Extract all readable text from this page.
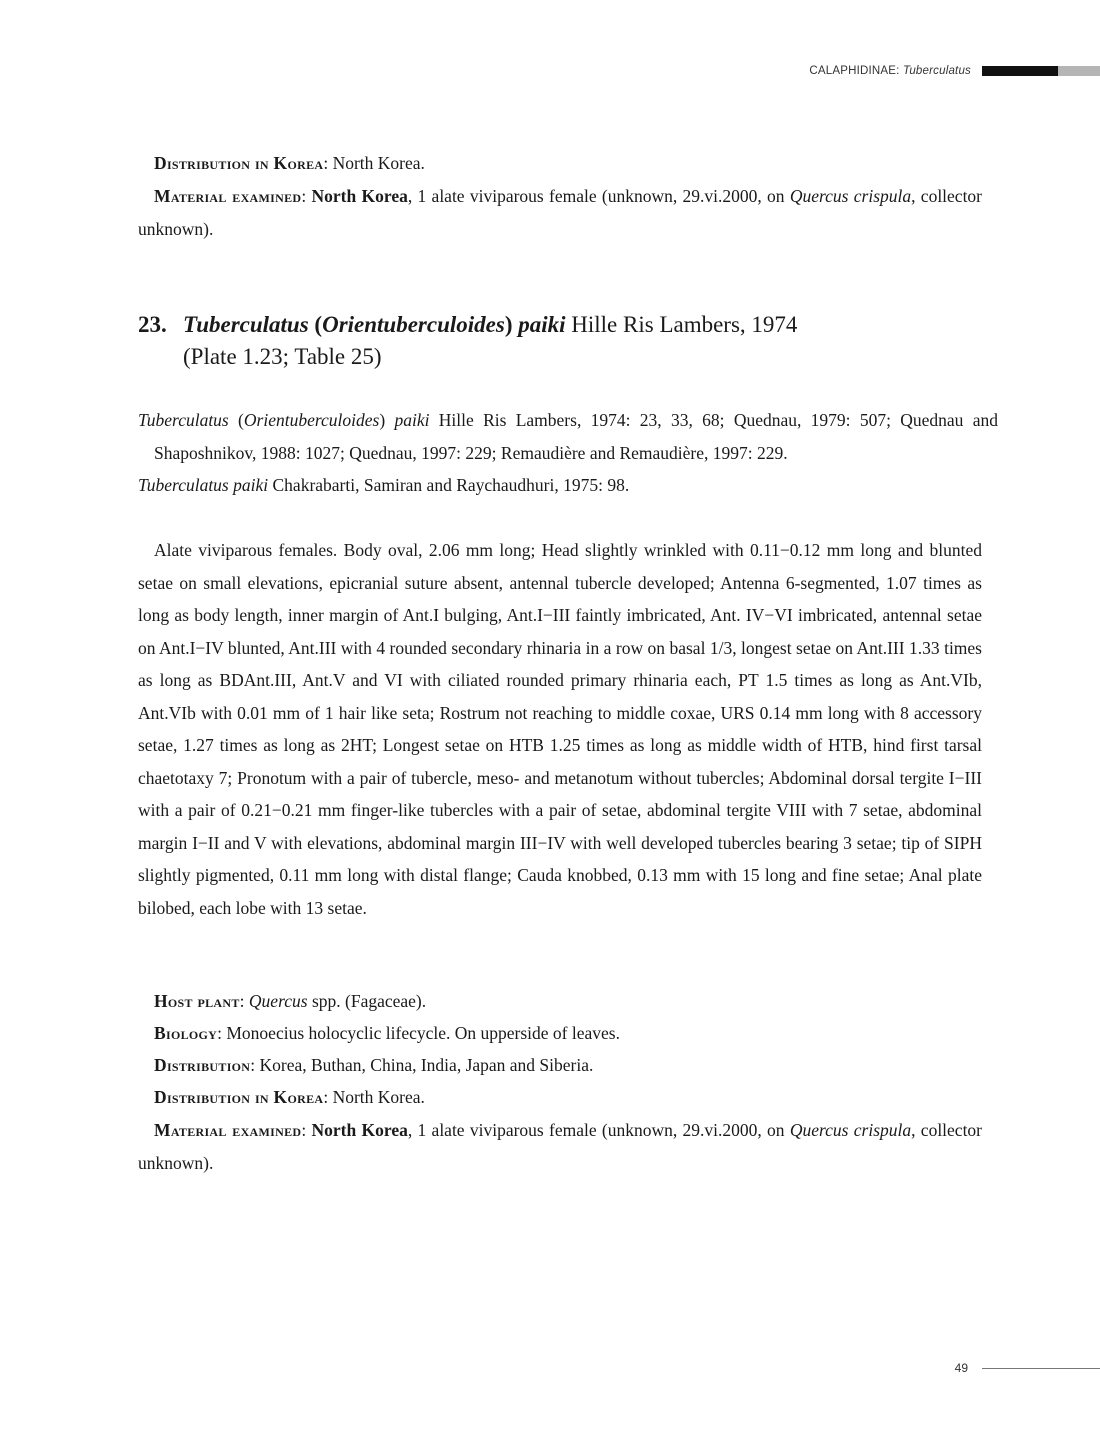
CALAPHIDINAE: Tuberculatus
Distribution in Korea: North Korea.
Material examined: North Korea, 1 alate viviparous female (unknown, 29.vi.2000, on Quercus crispula, collector unknown).
23. Tuberculatus (Orientuberculoides) paiki Hille Ris Lambers, 1974
(Plate 1.23; Table 25)
Tuberculatus (Orientuberculoides) paiki Hille Ris Lambers, 1974: 23, 33, 68; Quednau, 1979: 507; Quednau and Shaposhnikov, 1988: 1027; Quednau, 1997: 229; Remaudière and Remaudière, 1997: 229.
Tuberculatus paiki Chakrabarti, Samiran and Raychaudhuri, 1975: 98.
Alate viviparous females. Body oval, 2.06 mm long; Head slightly wrinkled with 0.11−0.12 mm long and blunted setae on small elevations, epicranial suture absent, antennal tubercle developed; Antenna 6-segmented, 1.07 times as long as body length, inner margin of Ant.I bulging, Ant.I−III faintly imbricated, Ant. IV−VI imbricated, antennal setae on Ant.I−IV blunted, Ant.III with 4 rounded secondary rhinaria in a row on basal 1/3, longest setae on Ant.III 1.33 times as long as BDAnt.III, Ant.V and VI with ciliated rounded primary rhinaria each, PT 1.5 times as long as Ant.VIb, Ant.VIb with 0.01 mm of 1 hair like seta; Rostrum not reaching to middle coxae, URS 0.14 mm long with 8 accessory setae, 1.27 times as long as 2HT; Longest setae on HTB 1.25 times as long as middle width of HTB, hind first tarsal chaetotaxy 7; Pronotum with a pair of tubercle, meso- and metanotum without tubercles; Abdominal dorsal tergite I−III with a pair of 0.21−0.21 mm finger-like tubercles with a pair of setae, abdominal tergite VIII with 7 setae, abdominal margin I−II and V with elevations, abdominal margin III−IV with well developed tubercles bearing 3 setae; tip of SIPH slightly pigmented, 0.11 mm long with distal flange; Cauda knobbed, 0.13 mm with 15 long and fine setae; Anal plate bilobed, each lobe with 13 setae.
Host plant: Quercus spp. (Fagaceae).
Biology: Monoecius holocyclic lifecycle. On upperside of leaves.
Distribution: Korea, Buthan, China, India, Japan and Siberia.
Distribution in Korea: North Korea.
Material examined: North Korea, 1 alate viviparous female (unknown, 29.vi.2000, on Quercus crispula, collector unknown).
49
